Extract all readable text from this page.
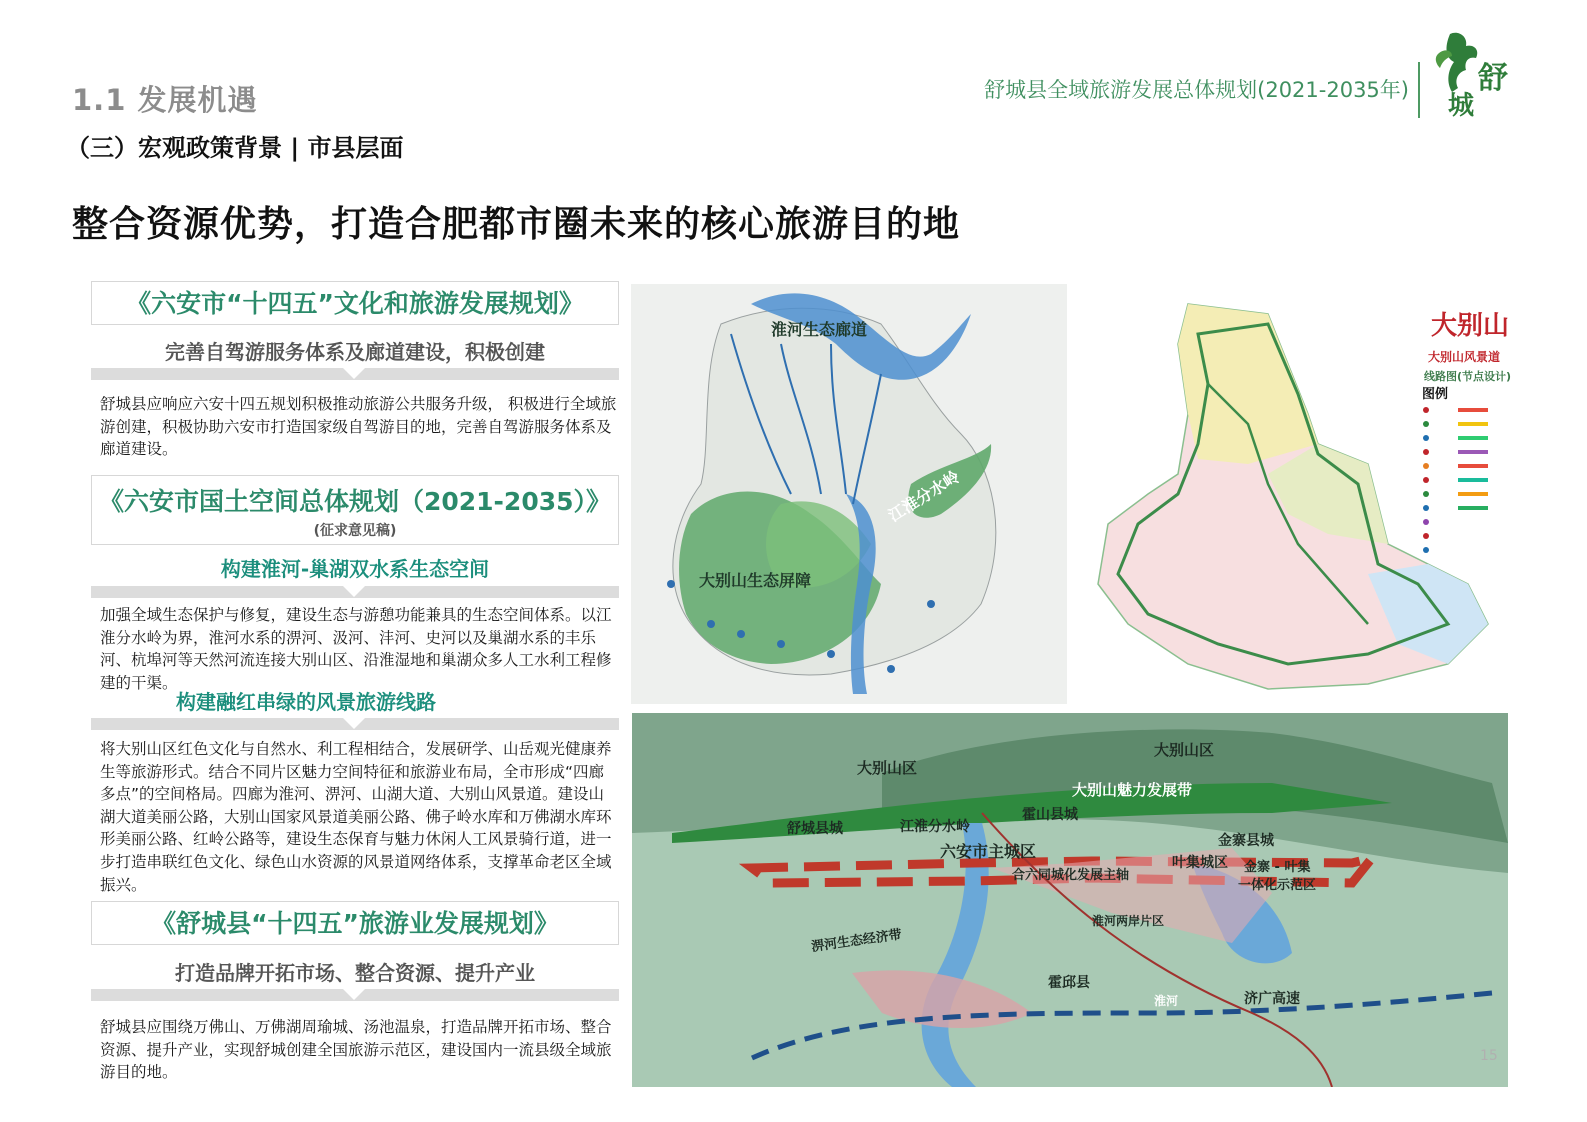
1.1 发展机遇
（三）宏观政策背景 | 市县层面
舒城县全域旅游发展总体规划(2021-2035年) 舒
城
整合资源优势，打造合肥都市圈未来的核心旅游目的地
《六安市“十四五”文化和旅游发展规划》
完善自驾游服务体系及廊道建设，积极创建
舒城县应响应六安十四五规划积极推动旅游公共服务升级， 积极进行全域旅游创建，积极协助六安市打造国家级自驾游目的地，完善自驾游服务体系及廊道建设。
《六安市国土空间总体规划（2021-2035）》
(征求意见稿)
构建淮河-巢湖双水系生态空间
加强全域生态保护与修复，建设生态与游憩功能兼具的生态空间体系。以江淮分水岭为界，淮河水系的淠河、汲河、沣河、史河以及巢湖水系的丰乐河、杭埠河等天然河流连接大别山区、沿淮湿地和巢湖众多人工水利工程修建的干渠。
构建融红串绿的风景旅游线路
将大别山区红色文化与自然水、利工程相结合，发展研学、山岳观光健康养生等旅游形式。结合不同片区魅力空间特征和旅游业布局，全市形成“四廊多点”的空间格局。四廊为淮河、淠河、山湖大道、大别山风景道。建设山湖大道美丽公路，大别山国家风景道美丽公路、佛子岭水库和万佛湖水库环形美丽公路、红岭公路等，建设生态保育与魅力休闲人工风景骑行道，进一步打造串联红色文化、绿色山水资源的风景道网络体系，支撑革命老区全域振兴。
《舒城县“十四五”旅游业发展规划》
打造品牌开拓市场、整合资源、提升产业
舒城县应围绕万佛山、万佛湖周瑜城、汤池温泉，打造品牌开拓市场、整合资源、提升产业，实现舒城创建全国旅游示范区，建设国内一流县级全域旅游目的地。
淮河生态廊道
江淮分水岭
大别山生态屏障
大别山
大别山风景道
线路图(节点设计)
图例
大别山区
大别山区
大别山魅力发展带
舒城县城
霍山县城
江淮分水岭
六安市主城区
金寨县城
叶集城区
合六同城化发展主轴
金寨 - 叶集
一体化示范区
淮河两岸片区
淠河生态经济带
霍邱县
济广高速
淮河
15
